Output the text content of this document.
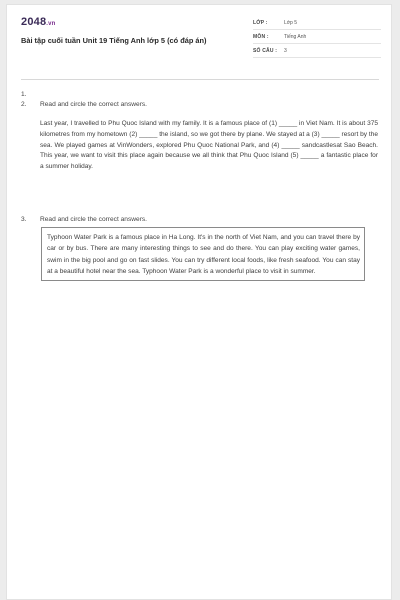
2048.vn
Bài tập cuối tuần Unit 19 Tiếng Anh lớp 5 (có đáp án)
LỚP :	Lớp 5
MÔN :	Tiếng Anh
SỐ CÂU : 3
1.
2. Read and circle the correct answers.
Last year, I travelled to Phu Quoc Island with my family. It is a famous place of (1) _____ in Viet Nam. It is about 375 kilometres from my hometown (2) _____ the island, so we got there by plane. We stayed at a (3) _____ resort by the sea. We played games at VinWonders, explored Phu Quoc National Park, and (4) _____ sandcastlesat Sao Beach. This year, we want to visit this place again because we all think that Phu Quoc Island (5) _____ a fantastic place for a summer holiday.
3. Read and circle the correct answers.
Typhoon Water Park is a famous place in Ha Long. It's in the north of Viet Nam, and you can travel there by car or by bus. There are many interesting things to see and do there. You can play exciting water games, swim in the big pool and go on fast slides. You can try different local foods, like fresh seafood. You can stay at a beautiful hotel near the sea. Typhoon Water Park is a wonderful place to visit in summer.
